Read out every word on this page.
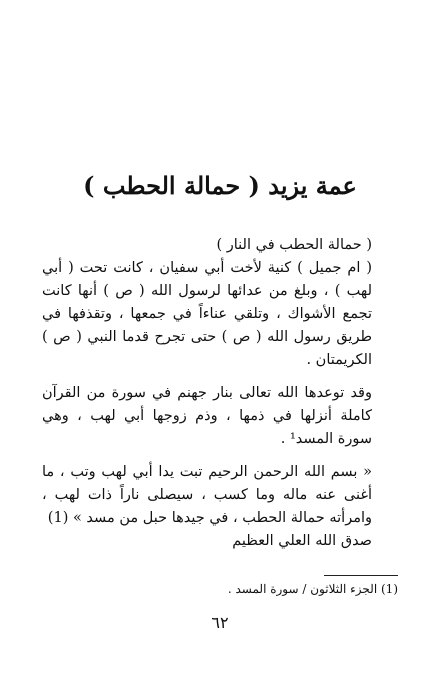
عمة يزيد ( حمالة الحطب )

( حمالة الحطب في النار )

( ام جميل ) كنية لأخت أبي سفيان ، كانت تحت ( أبي لهب ) ، وبلغ من عدائها لرسول الله ( ص ) أنها كانت تجمع الأشواك ، وتلقي عناءاً في جمعها ، وتقذفها في طريق رسول الله ( ص ) حتى تجرح قدما النبي ( ص ) الكريمتان .

وقد توعدها الله تعالى بنار جهنم في سورة من القرآن كاملة أنزلها في ذمها ، وذم زوجها أبي لهب ، وهي سورة المسد¹ .

« بسم الله الرحمن الرحيم تبت يدا أبي لهب وتب ، ما أغنى عنه ماله وما كسب ، سيصلى ناراً ذات لهب ، وامرأته حمالة الحطب ، في جيدها حبل من مسد » (1)

صدق الله العلي العظيم

(1) الجزء الثلاثون / سورة المسد .
٦٢
